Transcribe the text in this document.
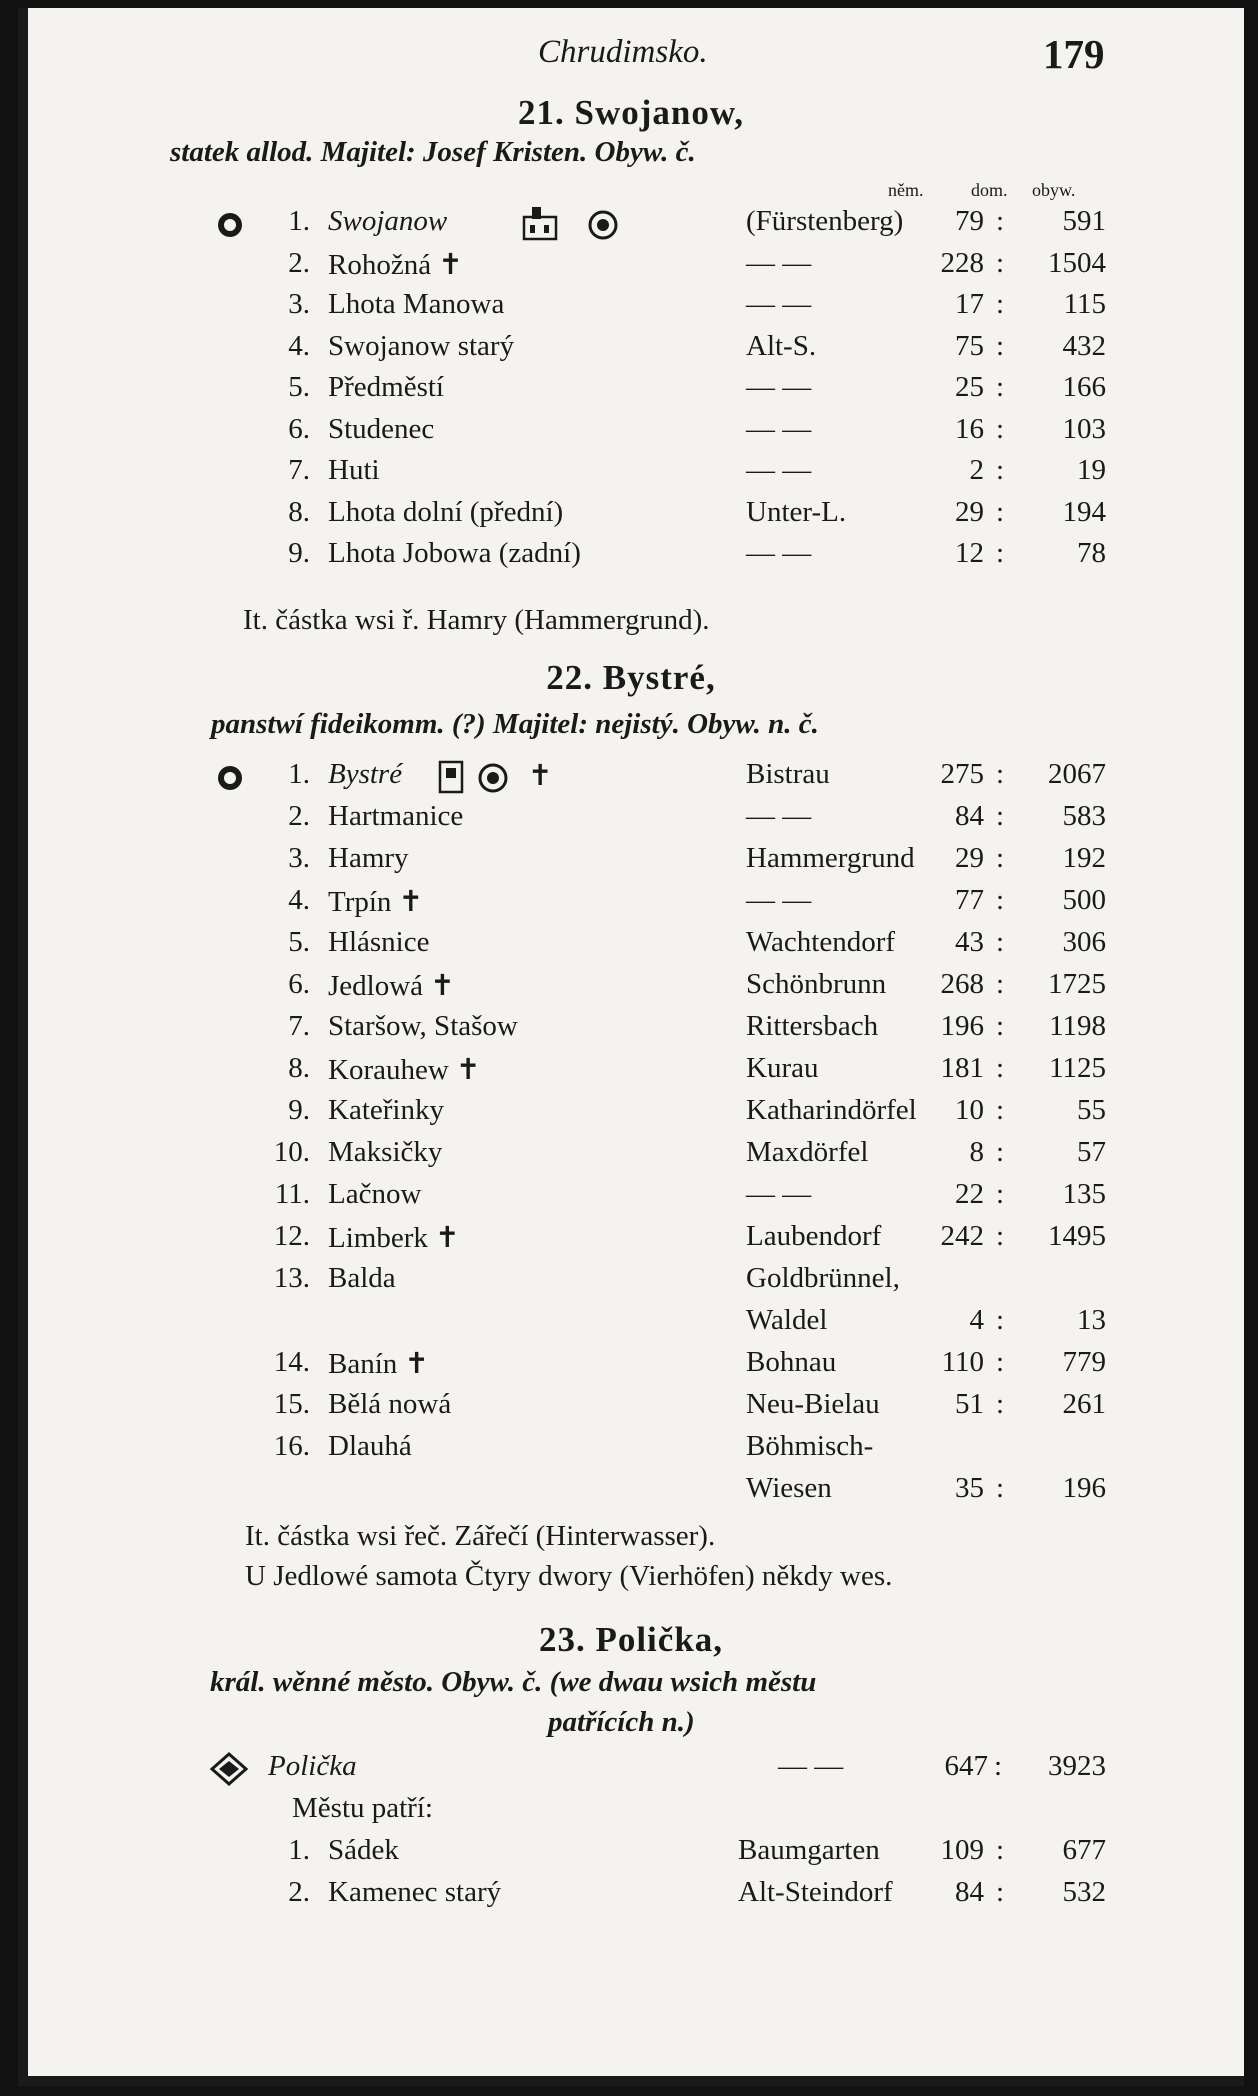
Chrudimsko.	179
21. Swojanow,
statek allod. Majitel: Josef Kristen. Obyw. č.
něm.	dom. obyw.
1. Swojanow	(Fürstenberg)	79 :	591
2. Rohožná ✝	— —	228 :	1504
3. Lhota Manowa	— —	17 :	115
4. Swojanow starý	Alt-S.	75 :	432
5. Předměstí	— —	25 :	166
6. Studenec	— —	16 :	103
7. Huti	— —	2 :	19
8. Lhota dolní (přední)	Unter-L.	29 :	194
9. Lhota Jobowa (zadní)	— —	12 :	78
It. částka wsi ř. Hamry (Hammergrund).
22. Bystré,
panstwí fideikomm. (?) Majitel: nejistý. Obyw. n. č.
1. Bystré	Bistrau	275 :	2067
✝
2. Hartmanice	— —	84 :	583
3. Hamry	Hammergrund	29 :	192
4. Trpín ✝	— —	77 :	500
5. Hlásnice	Wachtendorf	43 :	306
6. Jedlowá ✝	Schönbrunn	268 :	1725
7. Staršow, Stašow	Rittersbach	196 :	1198
8. Korauhew ✝	Kurau	181 :	1125
9. Kateřinky	Katharindörfel	10 :	55
10. Maksičky	Maxdörfel	8 :	57
11. Lačnow	— —	22 :	135
12. Limberk ✝	Laubendorf	242 :	1495
13. Balda	Goldbrünnel,
Waldel	4 :	13
14. Banín ✝	Bohnau	110 :	779
15. Bělá nowá	Neu-Bielau	51 :	261
16. Dlauhá	Böhmisch-
Wiesen	35 :	196
It. částka wsi řeč. Zářečí (Hinterwasser).
U Jedlowé samota Čtyry dwory (Vierhöfen) někdy wes.
23. Polička,
král. wěnné město. Obyw. č. (we dwau wsich městu
patřících n.)
Polička	— —	647 :	3923
Městu patří:
1. Sádek	Baumgarten	109 :	677
2. Kamenec starý	Alt-Steindorf	84 :	532
